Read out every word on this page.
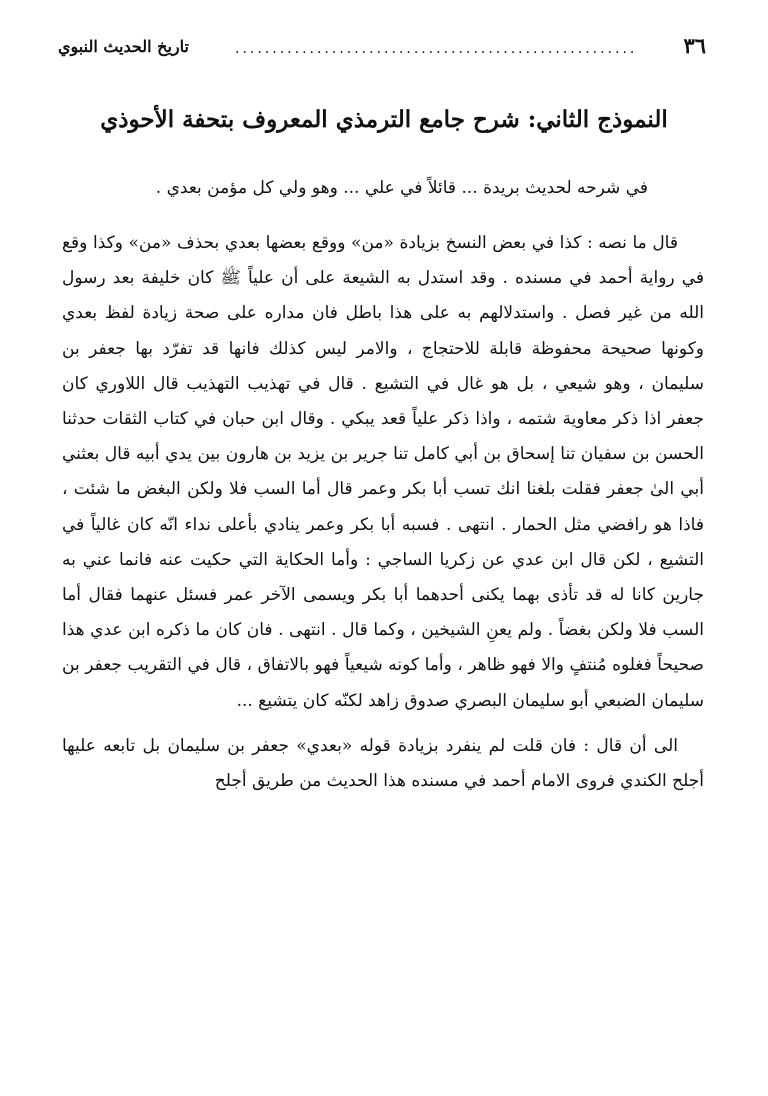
٣٦
......................................................
تاريخ الحديث النبوي
النموذج الثاني: شرح جامع الترمذي المعروف بتحفة الأحوذي

في شرحه لحديث بريدة ... قائلاً في علي ... وهو ولي كل مؤمن بعدي .

قال ما نصه : كذا في بعض النسخ بزيادة «من» ووقع بعضها بعدي بحذف «من» وكذا وقع في رواية أحمد في مسنده . وقد استدل به الشيعة على أن علياً ﷺ كان خليفة بعد رسول الله من غير فصل . واستدلالهم به على هذا باطل فان مداره على صحة زيادة لفظ بعدي وكونها صحيحة محفوظة قابلة للاحتجاج ، والامر ليس كذلك فانها قد تفرّد بها جعفر بن سليمان ، وهو شيعي ، بل هو غال في التشيع . قال في تهذيب التهذيب قال اللاوري كان جعفر اذا ذكر معاوية شتمه ، واذا ذكر علياً قعد يبكي . وقال ابن حبان في كتاب الثقات حدثنا الحسن بن سفيان تنا إسحاق بن أبي كامل تنا جرير بن يزيد بن هارون بين يدي أبيه قال بعثني أبي الىٰ جعفر فقلت بلغنا انك تسب أبا بكر وعمر قال أما السب فلا ولكن البغض ما شئت ، فاذا هو رافضي مثل الحمار . انتهى . فسبه أبا بكر وعمر ينادي بأعلى نداء انّه كان غالياً في التشيع ، لكن قال ابن عدي عن زكريا الساجي : وأما الحكاية التي حكيت عنه فانما عني به جارين كانا له قد تأذى بهما يكنى أحدهما أبا بكر ويسمى الآخر عمر فسئل عنهما فقال أما السب فلا ولكن بغضاً . ولم يعنِ الشيخين ، وكما قال . انتهى . فان كان ما ذكره ابن عدي هذا صحيحاً فغلوه مُنتفٍ والا فهو ظاهر ، وأما كونه شيعياً فهو بالاتفاق ، قال في التقريب جعفر بن سليمان الضبعي أبو سليمان البصري صدوق زاهد لكنّه كان يتشيع ...

الى أن قال : فان قلت لم ينفرد بزيادة قوله «بعدي» جعفر بن سليمان بل تابعه عليها أجلح الكندي فروى الامام أحمد في مسنده هذا الحديث من طريق أجلح
